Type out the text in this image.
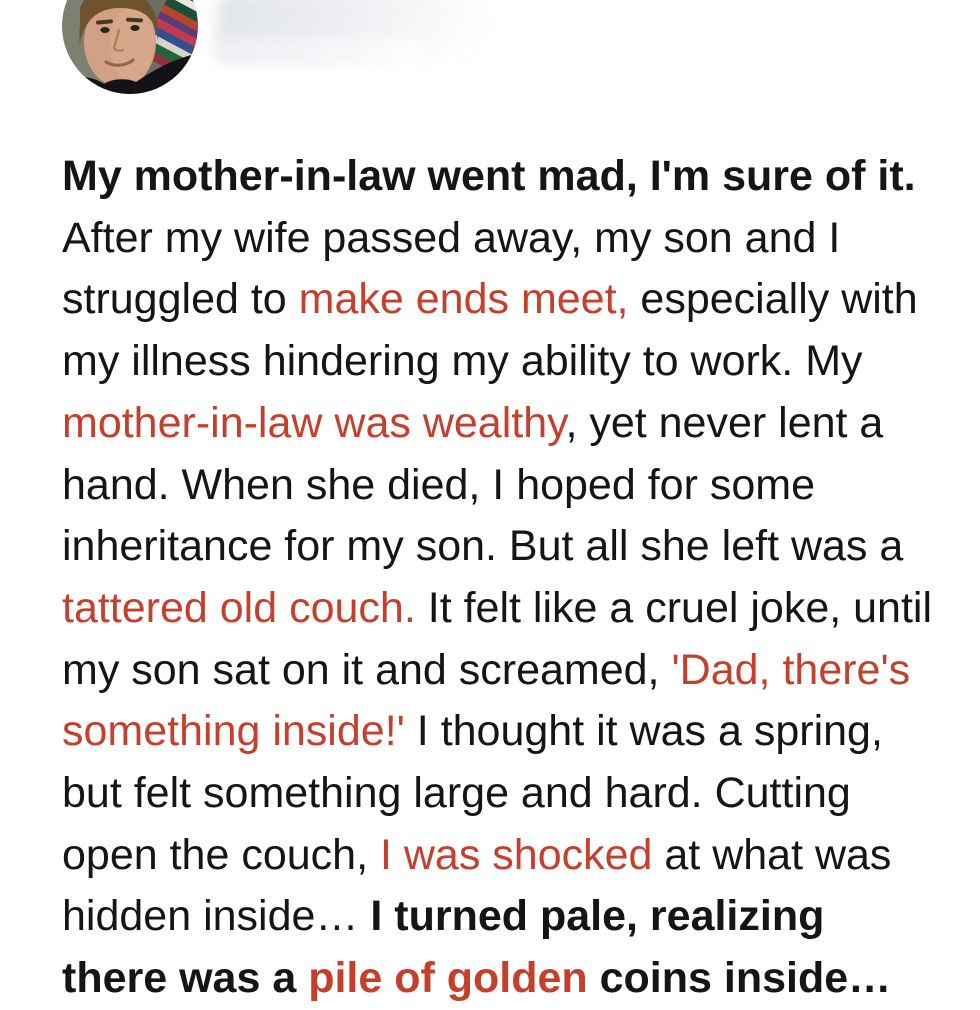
My mother-in-law went mad, I'm sure of it.
After my wife passed away, my son and I
struggled to make ends meet, especially with
my illness hindering my ability to work. My
mother-in-law was wealthy, yet never lent a
hand. When she died, I hoped for some
inheritance for my son. But all she left was a
tattered old couch. It felt like a cruel joke, until
my son sat on it and screamed, 'Dad, there's
something inside!' I thought it was a spring,
but felt something large and hard. Cutting
open the couch, I was shocked at what was
hidden inside… I turned pale, realizing
there was a pile of golden coins inside…
